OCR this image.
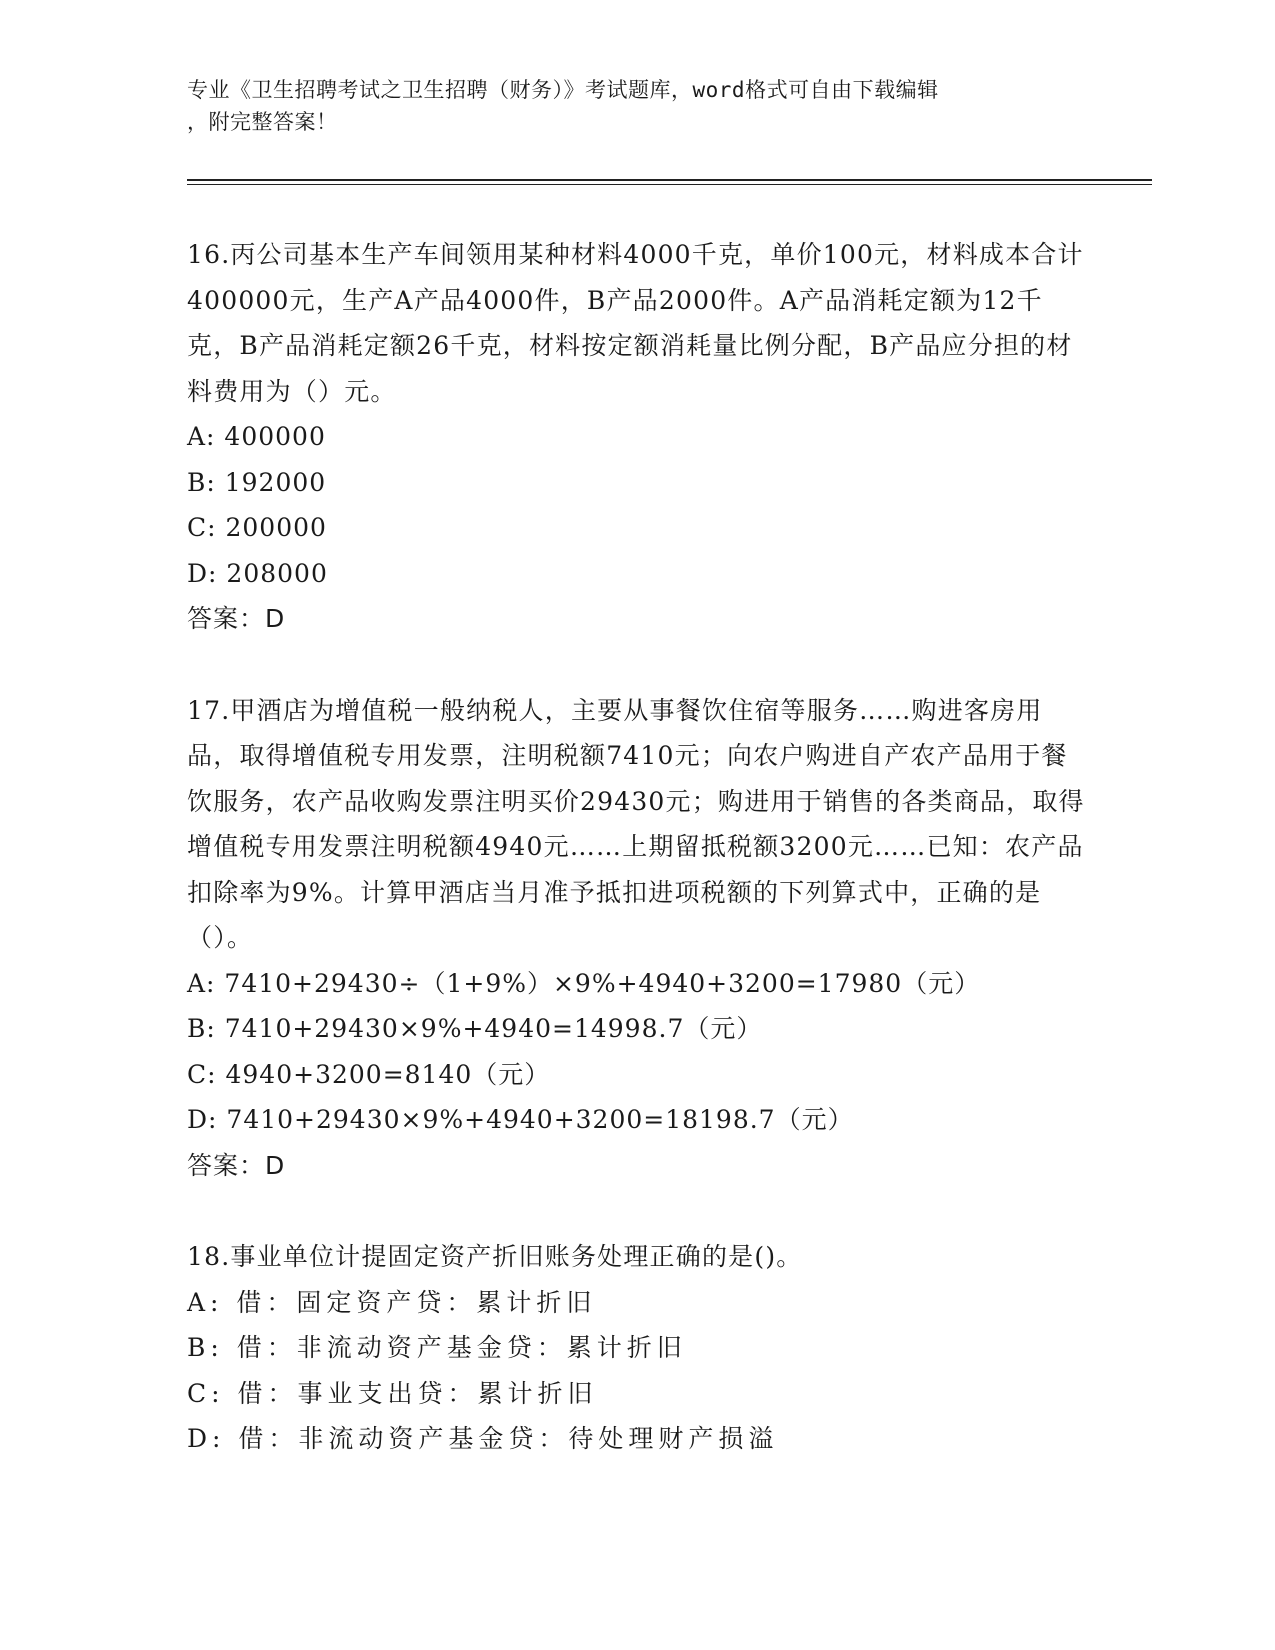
专业《卫生招聘考试之卫生招聘（财务）》考试题库，word格式可自由下载编辑
，附完整答案！

16.丙公司基本生产车间领用某种材料4000千克，单价100元，材料成本合计400000元，生产A产品4000件，B产品2000件。A产品消耗定额为12千克，B产品消耗定额26千克，材料按定额消耗量比例分配，B产品应分担的材料费用为（）元。

A: 400000

B: 192000

C: 200000

D: 208000

答案：D

17.甲酒店为增值税一般纳税人，主要从事餐饮住宿等服务……购进客房用品，取得增值税专用发票，注明税额7410元；向农户购进自产农产品用于餐饮服务，农产品收购发票注明买价29430元；购进用于销售的各类商品，取得增值税专用发票注明税额4940元……上期留抵税额3200元……已知：农产品扣除率为9%。计算甲酒店当月准予抵扣进项税额的下列算式中，正确的是（）。

A: 7410+29430÷（1+9%）×9%+4940+3200=17980（元）

B: 7410+29430×9%+4940=14998.7（元）

C: 4940+3200=8140（元）

D: 7410+29430×9%+4940+3200=18198.7（元）

答案：D

18.事业单位计提固定资产折旧账务处理正确的是()。

A: 借：固定资产贷：累计折旧

B: 借：非流动资产基金贷：累计折旧

C: 借：事业支出贷：累计折旧

D: 借：非流动资产基金贷：待处理财产损溢
